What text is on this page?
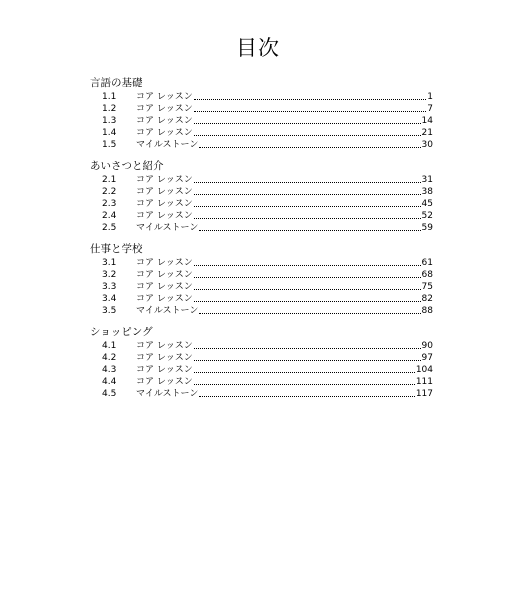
目次
言語の基礎
1.1 コア レッスン	1
1.2 コア レッスン	7
1.3 コア レッスン	14
1.4 コア レッスン	21
1.5 マイルストーン	30
あいさつと紹介
2.1 コア レッスン	31
2.2 コア レッスン	38
2.3 コア レッスン	45
2.4 コア レッスン	52
2.5 マイルストーン	59
仕事と学校
3.1 コア レッスン	61
3.2 コア レッスン	68
3.3 コア レッスン	75
3.4 コア レッスン	82
3.5 マイルストーン	88
ショッピング
4.1 コア レッスン	90
4.2 コア レッスン	97
4.3 コア レッスン	104
4.4 コア レッスン	111
4.5 マイルストーン	117
